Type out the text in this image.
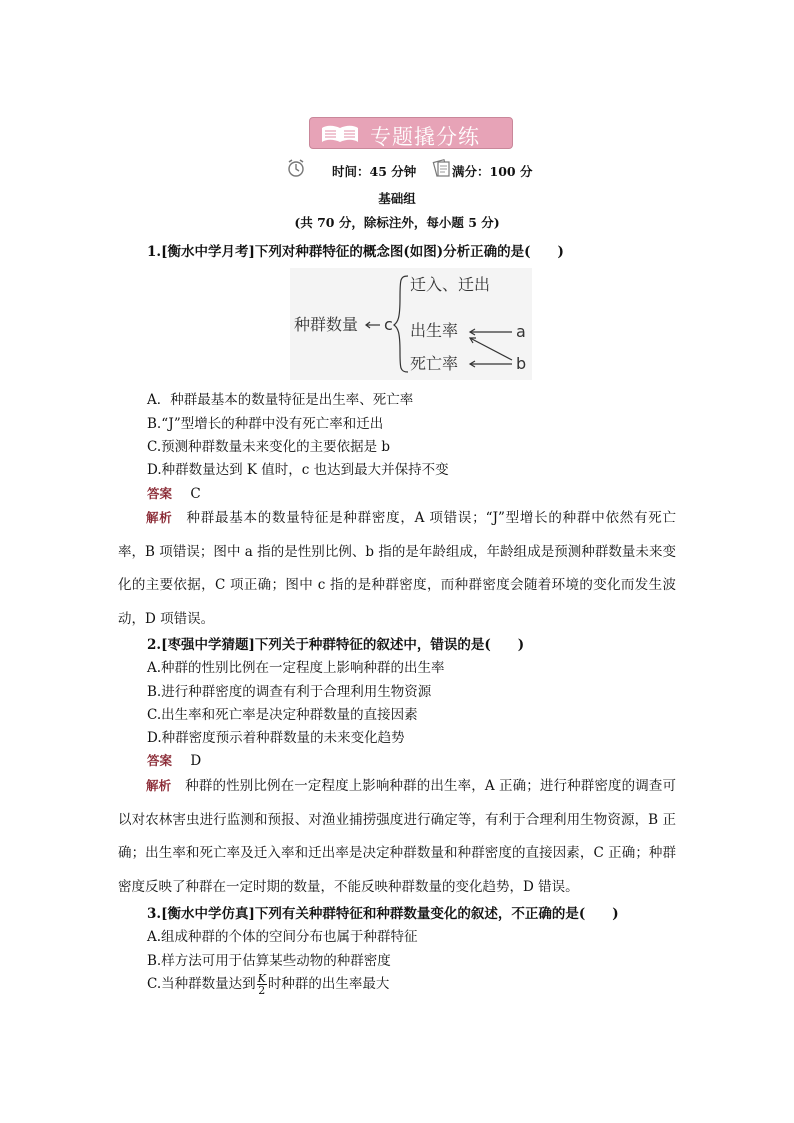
专题撬分练
时间：45 分钟	满分：100 分
基础组
(共 70 分，除标注外，每小题 5 分)
1.[衡水中学月考]下列对种群特征的概念图(如图)分析正确的是(　　)
种群数量 c
迁入、迁出
出生率
死亡率
a
b
A．种群最基本的数量特征是出生率、死亡率
B.“J”型增长的种群中没有死亡率和迁出
C.预测种群数量未来变化的主要依据是 b
D.种群数量达到 K 值时，c 也达到最大并保持不变
答案 C
解析 种群最基本的数量特征是种群密度，A 项错误；“J”型增长的种群中依然有死亡率，B 项错误；图中 a 指的是性别比例、b 指的是年龄组成，年龄组成是预测种群数量未来变化的主要依据，C 项正确；图中 c 指的是种群密度，而种群密度会随着环境的变化而发生波动，D 项错误。
2.[枣强中学猜题]下列关于种群特征的叙述中，错误的是(　　)
A.种群的性别比例在一定程度上影响种群的出生率
B.进行种群密度的调查有利于合理利用生物资源
C.出生率和死亡率是决定种群数量的直接因素
D.种群密度预示着种群数量的未来变化趋势
答案 D
解析 种群的性别比例在一定程度上影响种群的出生率，A 正确；进行种群密度的调查可以对农林害虫进行监测和预报、对渔业捕捞强度进行确定等，有利于合理利用生物资源，B 正确；出生率和死亡率及迁入率和迁出率是决定种群数量和种群密度的直接因素，C 正确；种群密度反映了种群在一定时期的数量，不能反映种群数量的变化趋势，D 错误。
3.[衡水中学仿真]下列有关种群特征和种群数量变化的叙述，不正确的是(　　)
A.组成种群的个体的空间分布也属于种群特征
B.样方法可用于估算某些动物的种群密度
C.当种群数量达到 $\frac{K}{2}$ 时种群的出生率最大
